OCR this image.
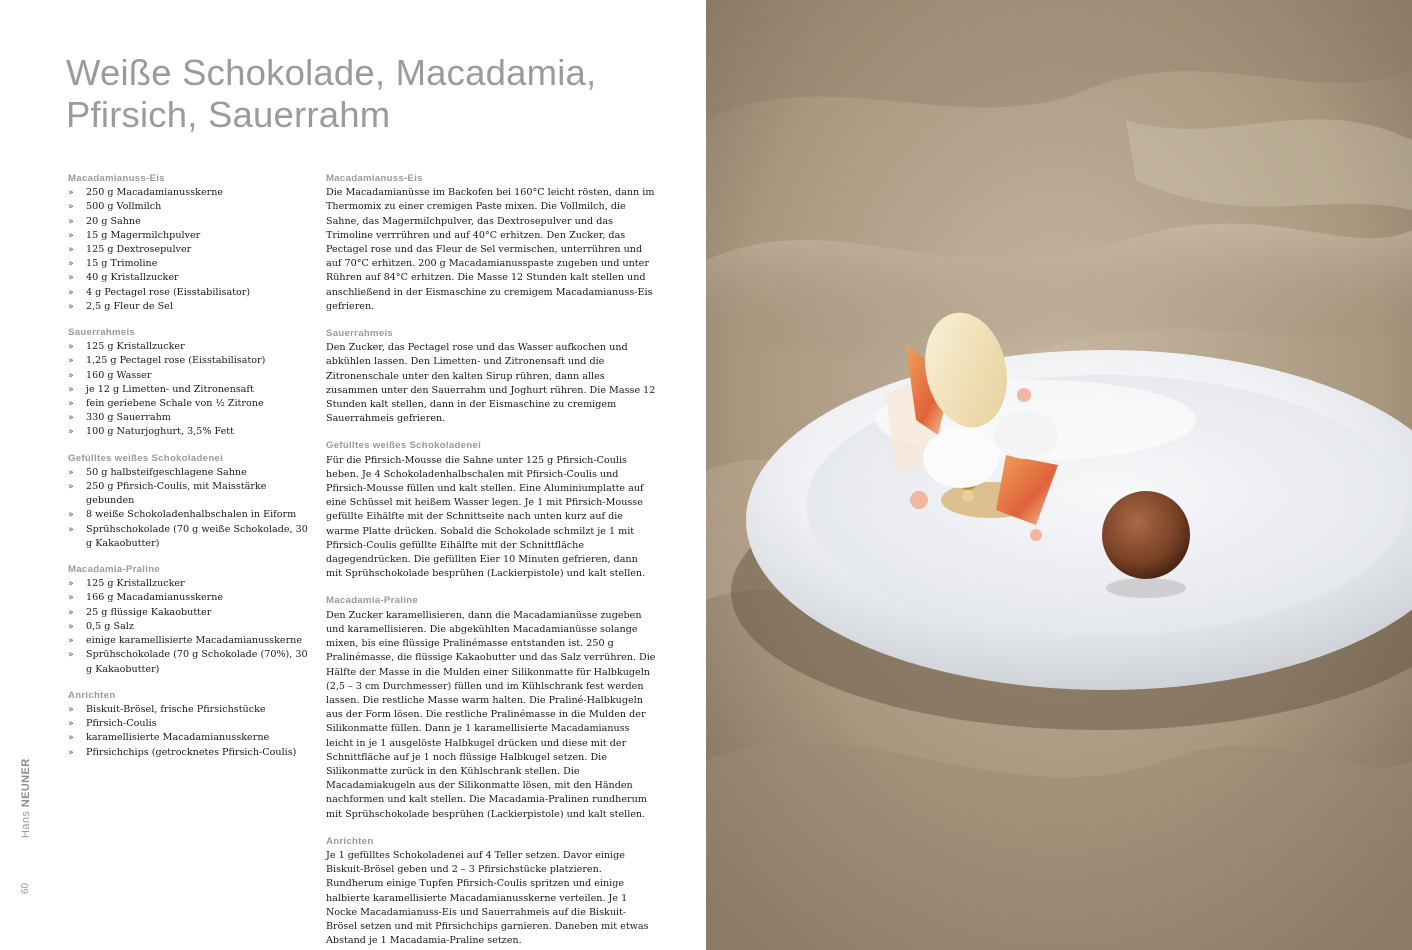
Weiße Schokolade, Macadamia, Pfirsich, Sauerrahm
Macadamianuss-Eis
» 250 g Macadamianusskerne
» 500 g Vollmilch
» 20 g Sahne
» 15 g Magermilchpulver
» 125 g Dextrosepulver
» 15 g Trimoline
» 40 g Kristallzucker
» 4 g Pectagel rose (Eisstabilisator)
» 2,5 g Fleur de Sel
Sauerrahmeis
» 125 g Kristallzucker
» 1,25 g Pectagel rose (Eisstabilisator)
» 160 g Wasser
» je 12 g Limetten- und Zitronensaft
» fein geriebene Schale von ½ Zitrone
» 330 g Sauerrahm
» 100 g Naturjoghurt, 3,5% Fett
Gefülltes weißes Schokoladenei
» 50 g halbsteifgeschlagene Sahne
» 250 g Pfirsich-Coulis, mit Maisstärke gebunden
» 8 weiße Schokoladenhalbschalen in Eiform
» Sprühschokolade (70 g weiße Schokolade, 30 g Kakaobutter)
Macadamia-Praline
» 125 g Kristallzucker
» 166 g Macadamianusskerne
» 25 g flüssige Kakaobutter
» 0,5 g Salz
» einige karamellisierte Macadamianusskerne
» Sprühschokolade (70 g Schokolade (70%), 30 g Kakaobutter)
Anrichten
» Biskuit-Brösel, frische Pfirsichstücke
» Pfirsich-Coulis
» karamellisierte Macadamianusskerne
» Pfirsichchips (getrocknetes Pfirsich-Coulis)
Macadamianuss-Eis

Die Macadamianüsse im Backofen bei 160°C leicht rösten, dann im Thermomix zu einer cremigen Paste mixen. Die Vollmilch, die Sahne, das Magermilchpulver, das Dextrosepulver und das Trimoline verrrühren und auf 40°C erhitzen. Den Zucker, das Pectagel rose und das Fleur de Sel vermischen, unterrühren und auf 70°C erhitzen. 200 g Macadamianusspaste zugeben und unter Rühren auf 84°C erhitzen. Die Masse 12 Stunden kalt stellen und anschließend in der Eismaschine zu cremigem Macadamianuss-Eis gefrieren.

Sauerrahmeis

Den Zucker, das Pectagel rose und das Wasser aufkochen und abkühlen lassen. Den Limetten- und Zitronensaft und die Zitronenschale unter den kalten Sirup rühren, dann alles zusammen unter den Sauerrahm und Joghurt rühren. Die Masse 12 Stunden kalt stellen, dann in der Eismaschine zu cremigem Sauerrahmeis gefrieren.

Gefülltes weißes Schokoladenei

Für die Pfirsich-Mousse die Sahne unter 125 g Pfirsich-Coulis heben. Je 4 Schokoladenhalbschalen mit Pfirsich-Coulis und Pfirsich-Mousse füllen und kalt stellen. Eine Aluminiumplatte auf eine Schüssel mit heißem Wasser legen. Je 1 mit Pfirsich-Mousse gefüllte Eihälfte mit der Schnittseite nach unten kurz auf die warme Platte drücken. Sobald die Schokolade schmilzt je 1 mit Pfirsich-Coulis gefüllte Eihälfte mit der Schnittfläche dagegendrücken. Die gefüllten Eier 10 Minuten gefrieren, dann mit Sprühschokolade besprühen (Lackierpistole) und kalt stellen.

Macadamia-Praline

Den Zucker karamellisieren, dann die Macadamianüsse zugeben und karamellisieren. Die abgekühlten Macadamianüsse solange mixen, bis eine flüssige Pralinémasse entstanden ist. 250 g Pralinémasse, die flüssige Kakaobutter und das Salz verrühren. Die Hälfte der Masse in die Mulden einer Silikonmatte für Halbkugeln (2,5 – 3 cm Durchmesser) füllen und im Kühlschrank fest werden lassen. Die restliche Masse warm halten. Die Praliné-Halbkugeln aus der Form lösen. Die restliche Pralinémasse in die Mulden der Silikonmatte füllen. Dann je 1 karamellisierte Macadamianuss leicht in je 1 ausgelöste Halbkugel drücken und diese mit der Schnittfläche auf je 1 noch flüssige Halbkugel setzen. Die Silikonmatte zurück in den Kühlschrank stellen. Die Macadamiakugeln aus der Silikonmatte lösen, mit den Händen nachformen und kalt stellen. Die Macadamia-Pralinen rundherum mit Sprühschokolade besprühen (Lackierpistole) und kalt stellen.

Anrichten

Je 1 gefülltes Schokoladenei auf 4 Teller setzen. Davor einige Biskuit-Brösel geben und 2 – 3 Pfirsichstücke platzieren. Rundherum einige Tupfen Pfirsich-Coulis spritzen und einige halbierte karamellisierte Macadamianusskerne verteilen. Je 1 Nocke Macadamianuss-Eis und Sauerrahmeis auf die Biskuit-Brösel setzen und mit Pfirsichchips garnieren. Daneben mit etwas Abstand je 1 Macadamia-Praline setzen.

Hans NEUNER
60
